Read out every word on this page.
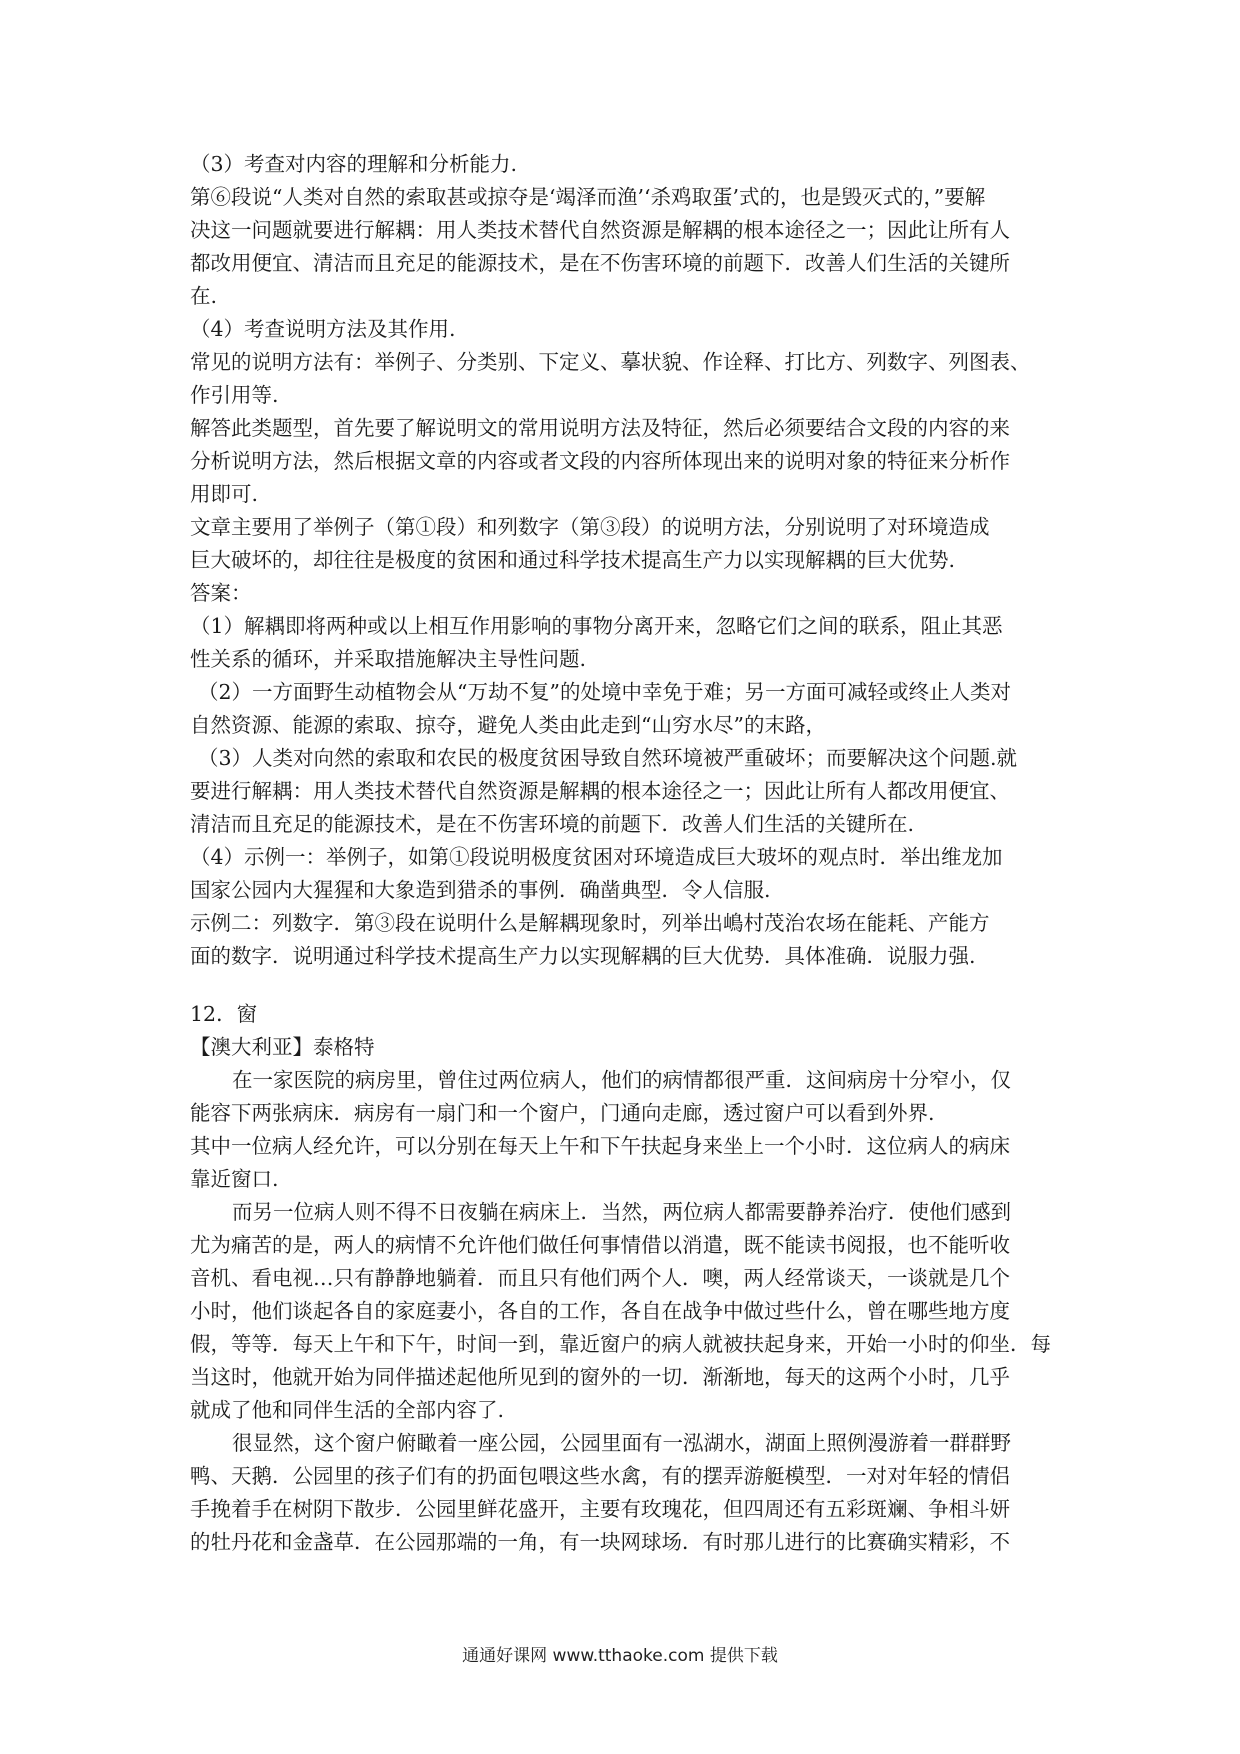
（3）考查对内容的理解和分析能力.

第⑥段说“人类对自然的索取甚或掠夺是‘竭泽而渔’‘杀鸡取蛋’式的，也是毁灭式的，”要解

决这一问题就要进行解耦：用人类技术替代自然资源是解耦的根本途径之一；因此让所有人

都改用便宜、清洁而且充足的能源技术，是在不伤害环境的前题下．改善人们生活的关键所

在.

（4）考查说明方法及其作用.

常见的说明方法有：举例子、分类别、下定义、摹状貌、作诠释、打比方、列数字、列图表、

作引用等.

解答此类题型，首先要了解说明文的常用说明方法及特征，然后必须要结合文段的内容的来

分析说明方法，然后根据文章的内容或者文段的内容所体现出来的说明对象的特征来分析作

用即可.

文章主要用了举例子（第①段）和列数字（第③段）的说明方法，分别说明了对环境造成

巨大破坏的，却往往是极度的贫困和通过科学技术提高生产力以实现解耦的巨大优势.

答案：

（1）解耦即将两种或以上相互作用影响的事物分离开来，忽略它们之间的联系，阻止其恶

性关系的循环，并采取措施解决主导性问题.

（2）一方面野生动植物会从“万劫不复”的处境中幸免于难；另一方面可减轻或终止人类对

自然资源、能源的索取、掠夺，避免人类由此走到“山穷水尽”的末路，

（3）人类对向然的索取和农民的极度贫困导致自然环境被严重破坏；而要解决这个问题.就

要进行解耦：用人类技术替代自然资源是解耦的根本途径之一；因此让所有人都改用便宜、

清洁而且充足的能源技术，是在不伤害环境的前题下．改善人们生活的关键所在.

（4）示例一：举例子，如第①段说明极度贫困对环境造成巨大玻坏的观点时．举出维龙加

国家公园内大猩猩和大象造到猎杀的事例．确凿典型．令人信服.

示例二：列数字．第③段在说明什么是解耦现象时，列举出嶋村茂治农场在能耗、产能方

面的数字．说明通过科学技术提高生产力以实现解耦的巨大优势．具体准确．说服力强.

12．窗

【澳大利亚】泰格特

在一家医院的病房里，曾住过两位病人，他们的病情都很严重．这间病房十分窄小，仅

能容下两张病床．病房有一扇门和一个窗户，门通向走廊，透过窗户可以看到外界.

其中一位病人经允许，可以分别在每天上午和下午扶起身来坐上一个小时．这位病人的病床

靠近窗口.

而另一位病人则不得不日夜躺在病床上．当然，两位病人都需要静养治疗．使他们感到

尤为痛苦的是，两人的病情不允许他们做任何事情借以消遣，既不能读书阅报，也不能听收

音机、看电视…只有静静地躺着．而且只有他们两个人．噢，两人经常谈天，一谈就是几个

小时，他们谈起各自的家庭妻小，各自的工作，各自在战争中做过些什么，曾在哪些地方度

假，等等．每天上午和下午，时间一到，靠近窗户的病人就被扶起身来，开始一小时的仰坐．每

当这时，他就开始为同伴描述起他所见到的窗外的一切．渐渐地，每天的这两个小时，几乎

就成了他和同伴生活的全部内容了.

很显然，这个窗户俯瞰着一座公园，公园里面有一泓湖水，湖面上照例漫游着一群群野

鸭、天鹅．公园里的孩子们有的扔面包喂这些水禽，有的摆弄游艇模型．一对对年轻的情侣

手挽着手在树阴下散步．公园里鲜花盛开，主要有玫瑰花，但四周还有五彩斑斓、争相斗妍

的牡丹花和金盏草．在公园那端的一角，有一块网球场．有时那儿进行的比赛确实精彩，不

通通好课网 www.tthaoke.com 提供下载
